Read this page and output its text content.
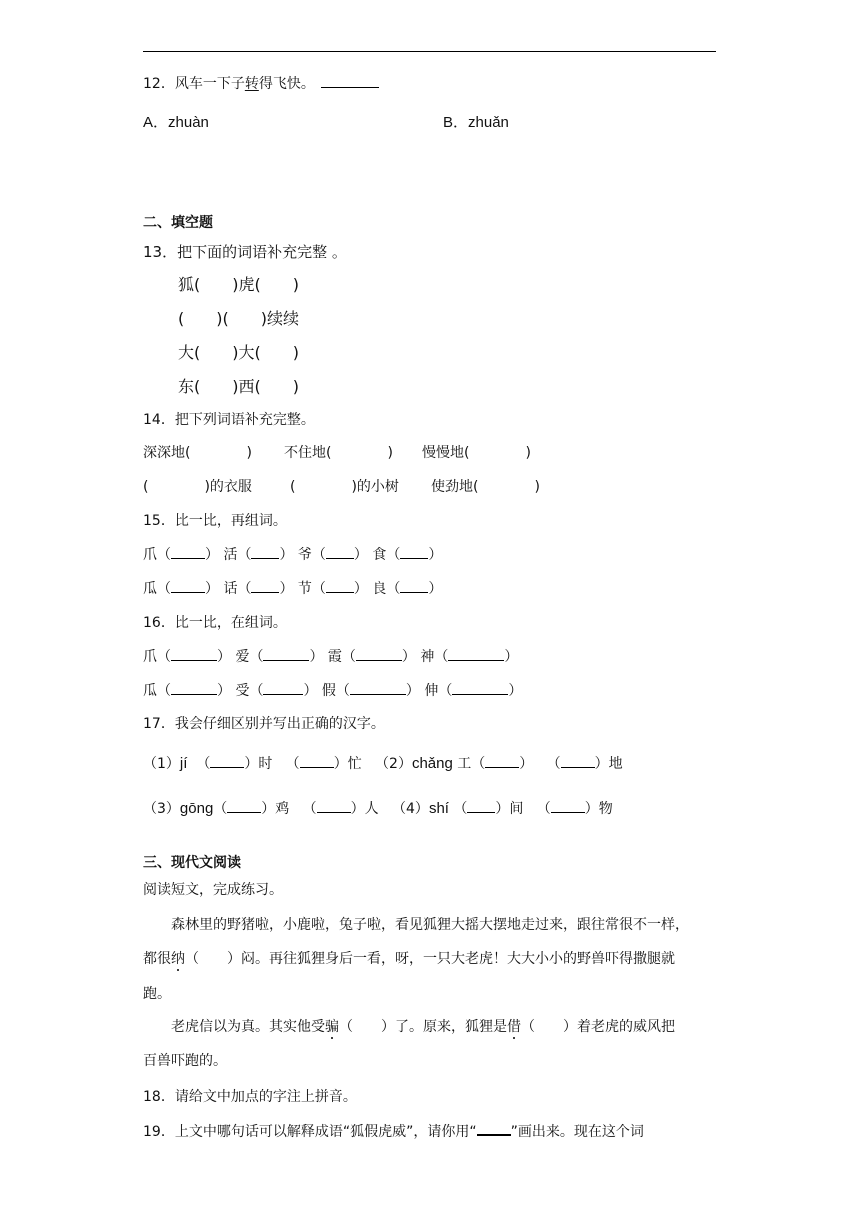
12．风车一下子转得飞快。
A．zhuàn	B．zhuǎn
二、填空题
13．把下面的词语补充完整 。
狐(　　)虎(　　)
(　　)(　　)续续
大(　　)大(　　)
东(　　)西(　　)
14．把下列词语补充完整。
深深地(　　　　) 不住地(　　　　) 慢慢地(　　　　)
(　　　　)的衣服	(　　　　)的小树 使劲地(　　　　)
15．比一比，再组词。
爪（ ） 活（ ） 爷（ ） 食（ ）
瓜（ ） 话（ ） 节（ ） 良（ ）
16．比一比，在组词。
爪（	） 爱（	） 霞（	） 神（	）
瓜（	） 受（	） 假（	） 伸（	）
17．我会仔细区别并写出正确的汉字。
（1）jí  （ ）时   （ ）忙 （2）chǎng 工（ ）   （ ）地
（3）gōng（ ）鸡   （ ）人 （4）shí （ ）间   （ ）物
三、现代文阅读
阅读短文，完成练习。
森林里的野猪啦，小鹿啦，兔子啦，看见狐狸大摇大摆地走过来，跟往常很不一样，
都很纳（　　）闷。再往狐狸身后一看，呀，一只大老虎！大大小小的野兽吓得撒腿就
跑。
老虎信以为真。其实他受骗（　　）了。原来，狐狸是借（　　）着老虎的威风把
百兽吓跑的。
18．请给文中加点的字注上拼音。
19．上文中哪句话可以解释成语“狐假虎威”，请你用“ ”画出来。现在这个词
